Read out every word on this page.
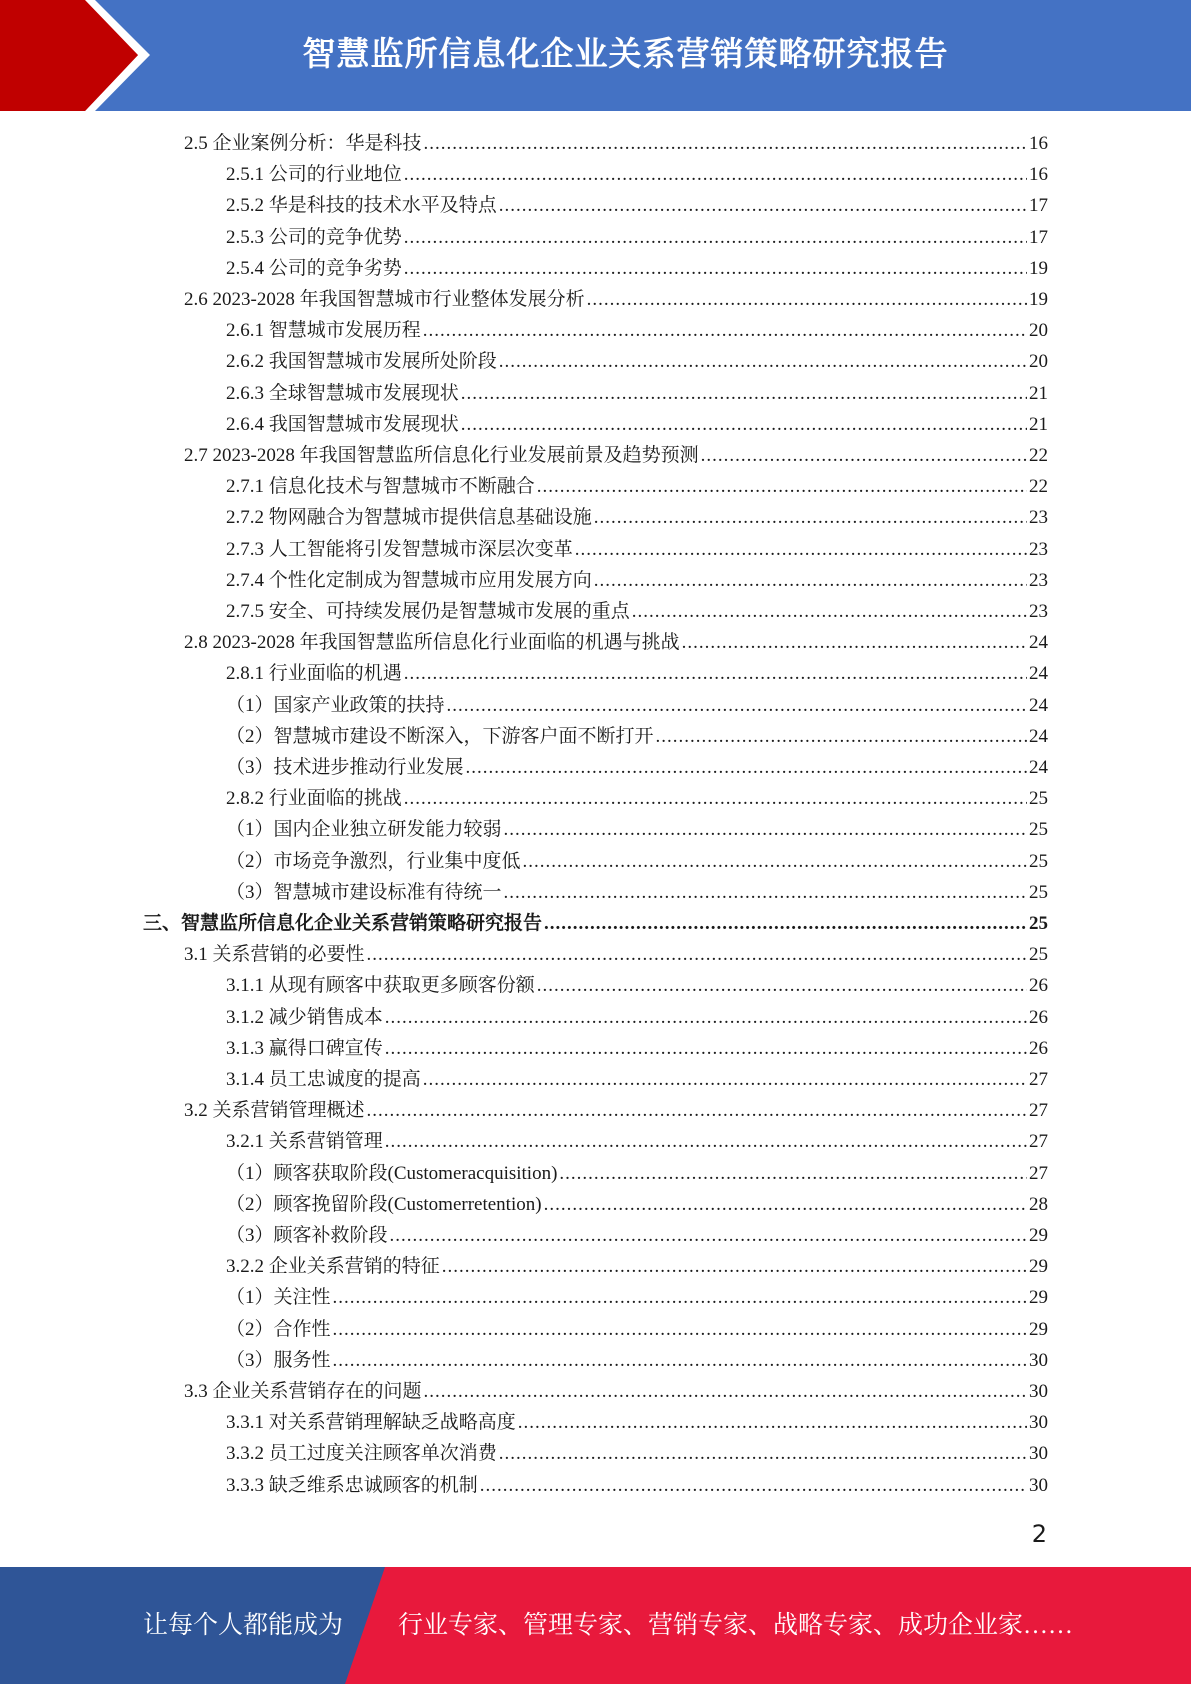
智慧监所信息化企业关系营销策略研究报告
2.5 企业案例分析：华是科技 .....	16
2.5.1 公司的行业地位 .....	16
2.5.2 华是科技的技术水平及特点 .....	17
2.5.3 公司的竞争优势 .....	17
2.5.4 公司的竞争劣势 .....	19
2.6 2023-2028 年我国智慧城市行业整体发展分析 .....	19
2.6.1 智慧城市发展历程 .....	20
2.6.2 我国智慧城市发展所处阶段 .....	20
2.6.3 全球智慧城市发展现状 .....	21
2.6.4 我国智慧城市发展现状 .....	21
2.7 2023-2028 年我国智慧监所信息化行业发展前景及趋势预测 .....	22
2.7.1 信息化技术与智慧城市不断融合 .....	22
2.7.2 物网融合为智慧城市提供信息基础设施 .....	23
2.7.3 人工智能将引发智慧城市深层次变革 .....	23
2.7.4 个性化定制成为智慧城市应用发展方向 .....	23
2.7.5 安全、可持续发展仍是智慧城市发展的重点 .....	23
2.8 2023-2028 年我国智慧监所信息化行业面临的机遇与挑战 .....	24
2.8.1 行业面临的机遇 .....	24
（1）国家产业政策的扶持 .....	24
（2）智慧城市建设不断深入，下游客户面不断打开 .....	24
（3）技术进步推动行业发展 .....	24
2.8.2 行业面临的挑战 .....	25
（1）国内企业独立研发能力较弱 .....	25
（2）市场竞争激烈，行业集中度低 .....	25
（3）智慧城市建设标准有待统一 .....	25
三、智慧监所信息化企业关系营销策略研究报告 .....	25
3.1 关系营销的必要性 .....	25
3.1.1 从现有顾客中获取更多顾客份额 .....	26
3.1.2 减少销售成本 .....	26
3.1.3 赢得口碑宣传 .....	26
3.1.4 员工忠诚度的提高 .....	27
3.2 关系营销管理概述 .....	27
3.2.1 关系营销管理 .....	27
（1）顾客获取阶段(Customeracquisition) .....	27
（2）顾客挽留阶段(Customerretention) .....	28
（3）顾客补救阶段 .....	29
3.2.2 企业关系营销的特征 .....	29
（1）关注性 .....	29
（2）合作性 .....	29
（3）服务性 .....	30
3.3 企业关系营销存在的问题 .....	30
3.3.1 对关系营销理解缺乏战略高度 .....	30
3.3.2 员工过度关注顾客单次消费 .....	30
3.3.3 缺乏维系忠诚顾客的机制 .....	30
2
让每个人都能成为 行业专家、管理专家、营销专家、战略专家、成功企业家……
